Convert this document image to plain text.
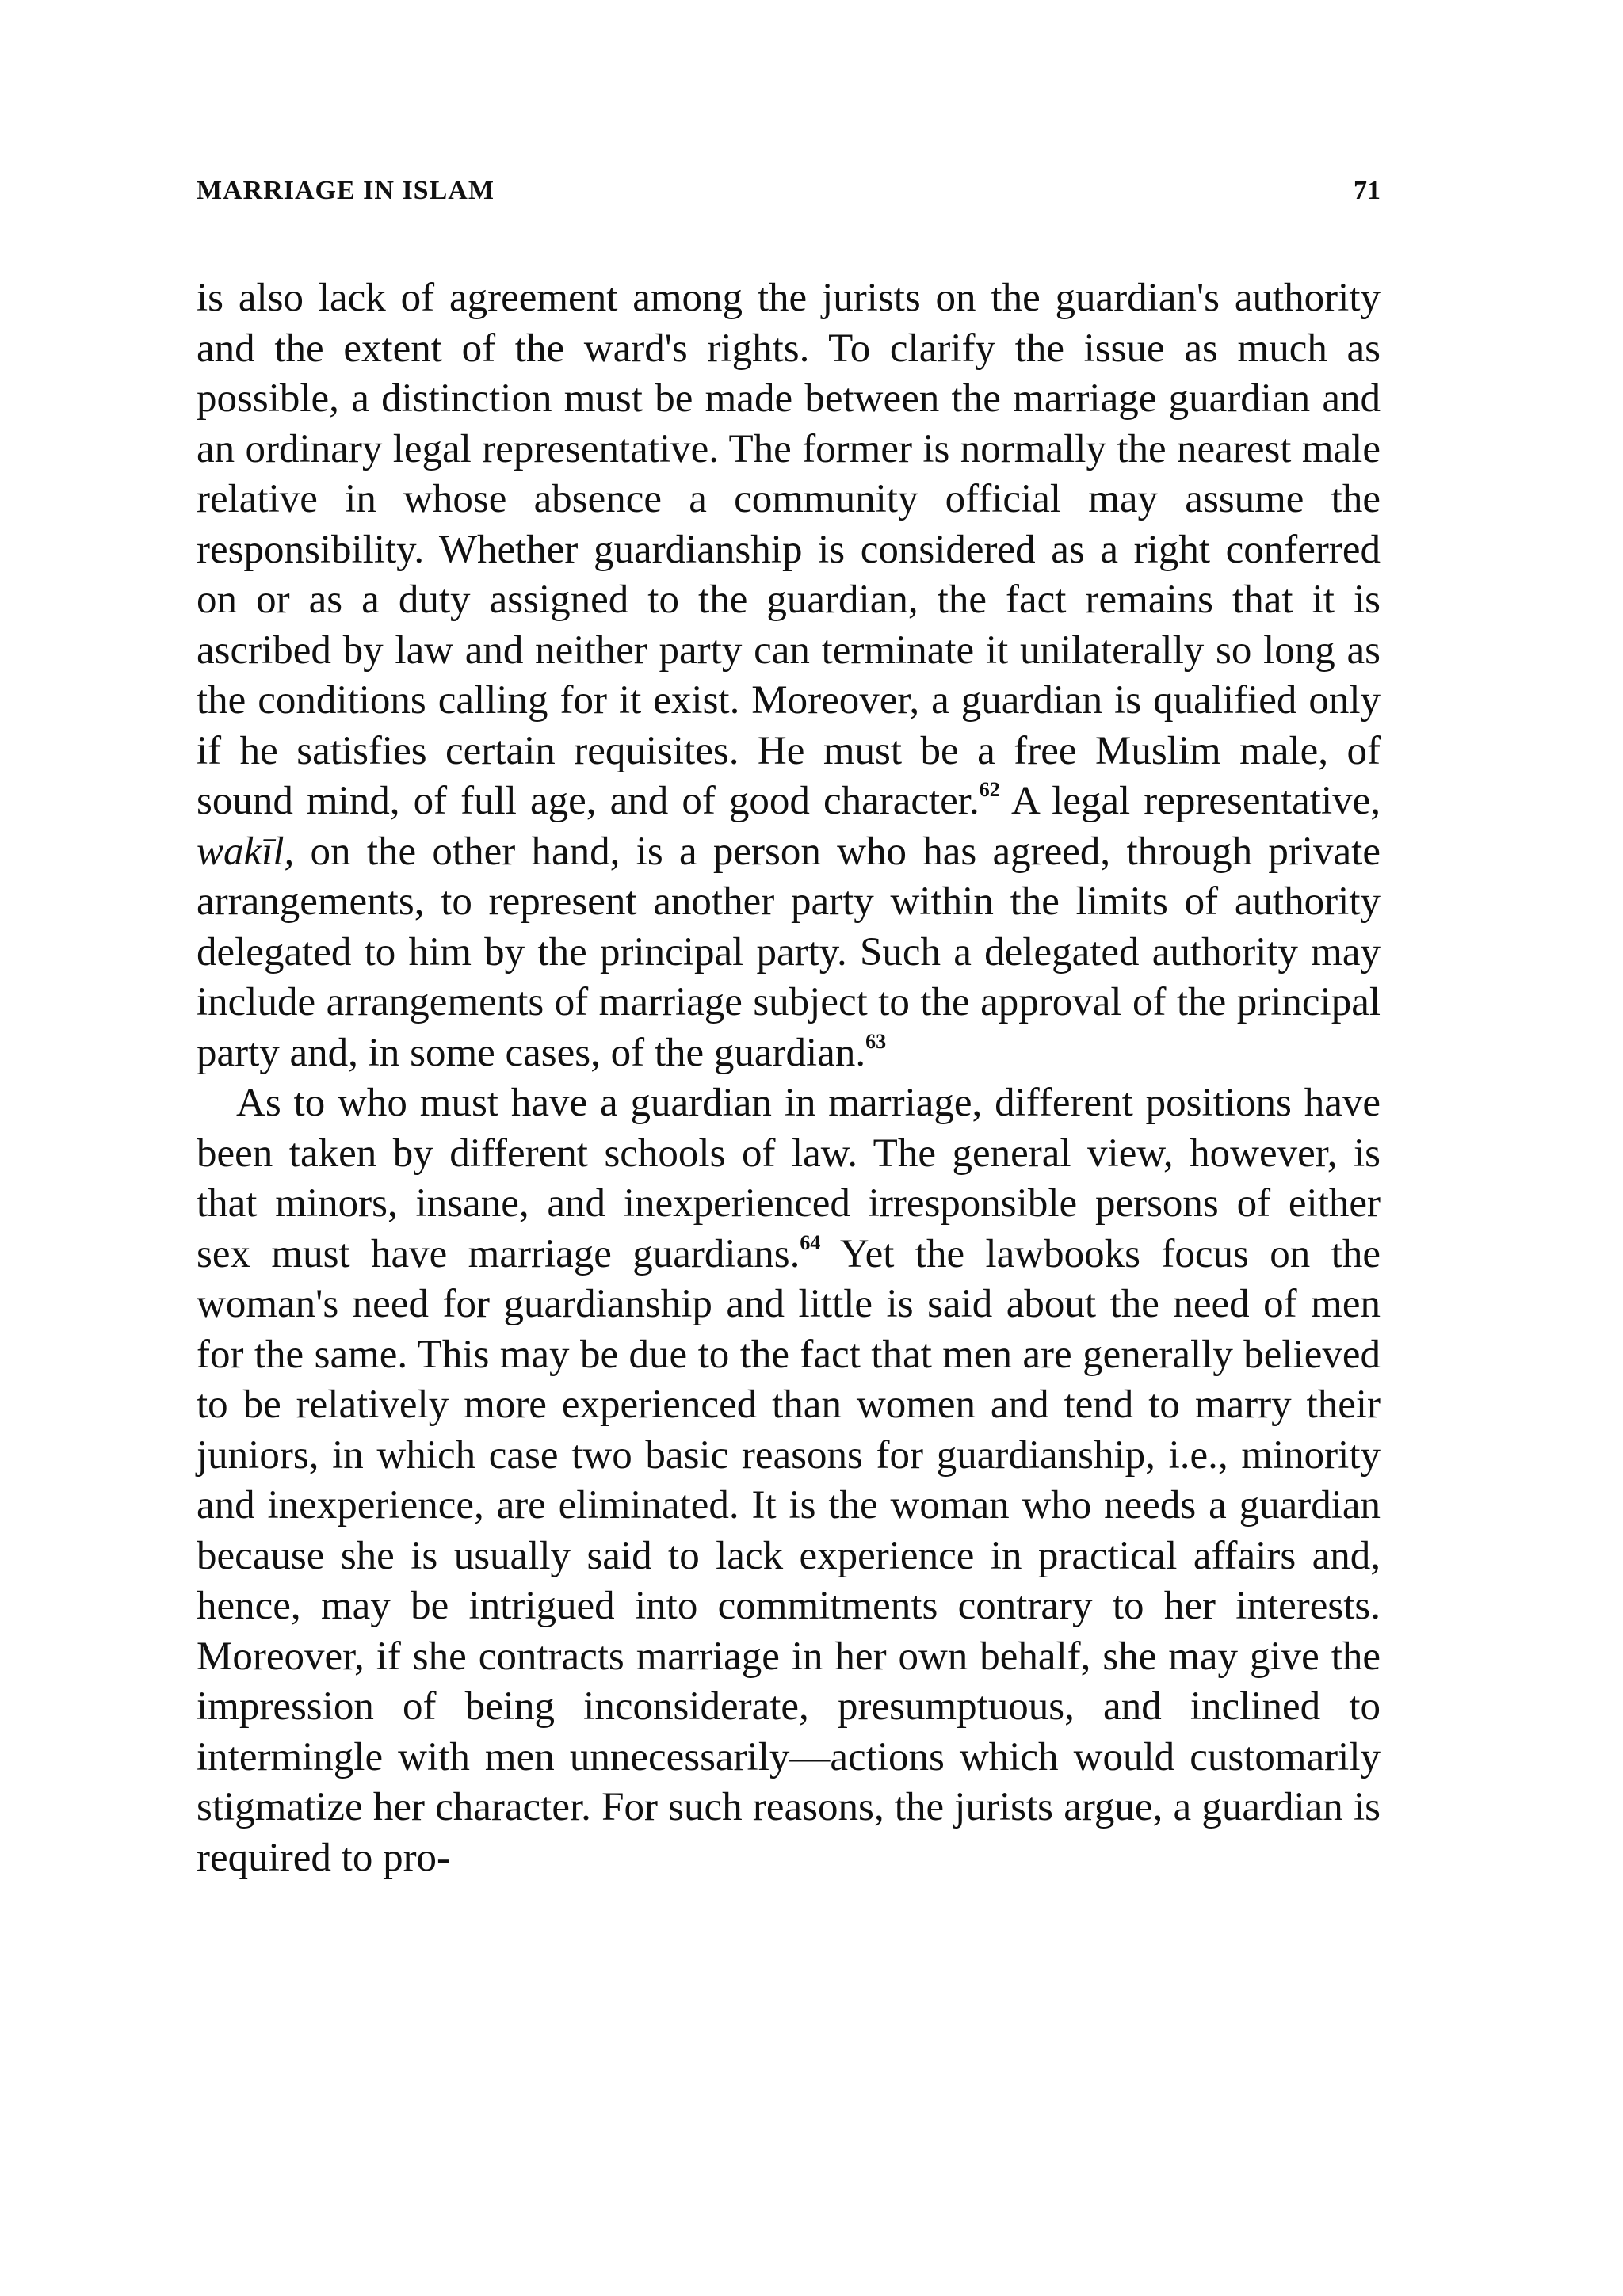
MARRIAGE IN ISLAM	71

is also lack of agreement among the jurists on the guardian's authority and the extent of the ward's rights. To clarify the issue as much as possible, a distinction must be made between the marriage guardian and an ordinary legal representative. The former is normally the nearest male relative in whose absence a community official may assume the responsibility. Whether guardianship is considered as a right conferred on or as a duty assigned to the guardian, the fact remains that it is ascribed by law and neither party can terminate it unilaterally so long as the conditions calling for it exist. Moreover, a guardian is qualified only if he satisfies certain requisites. He must be a free Muslim male, of sound mind, of full age, and of good character.$^{62}$ A legal representative, wakīl, on the other hand, is a person who has agreed, through private arrangements, to represent another party within the limits of authority delegated to him by the principal party. Such a delegated authority may include arrangements of marriage subject to the approval of the principal party and, in some cases, of the guardian.$^{63}$

As to who must have a guardian in marriage, different positions have been taken by different schools of law. The general view, however, is that minors, insane, and inexperienced irresponsible persons of either sex must have marriage guardians.$^{64}$ Yet the lawbooks focus on the woman's need for guardianship and little is said about the need of men for the same. This may be due to the fact that men are generally believed to be relatively more experienced than women and tend to marry their juniors, in which case two basic reasons for guardianship, i.e., minority and inexperience, are eliminated. It is the woman who needs a guardian because she is usually said to lack experience in practical affairs and, hence, may be intrigued into commitments contrary to her interests. Moreover, if she contracts marriage in her own behalf, she may give the impression of being inconsiderate, presumptuous, and inclined to intermingle with men unnecessarily—actions which would customarily stigmatize her character. For such reasons, the jurists argue, a guardian is required to pro-
